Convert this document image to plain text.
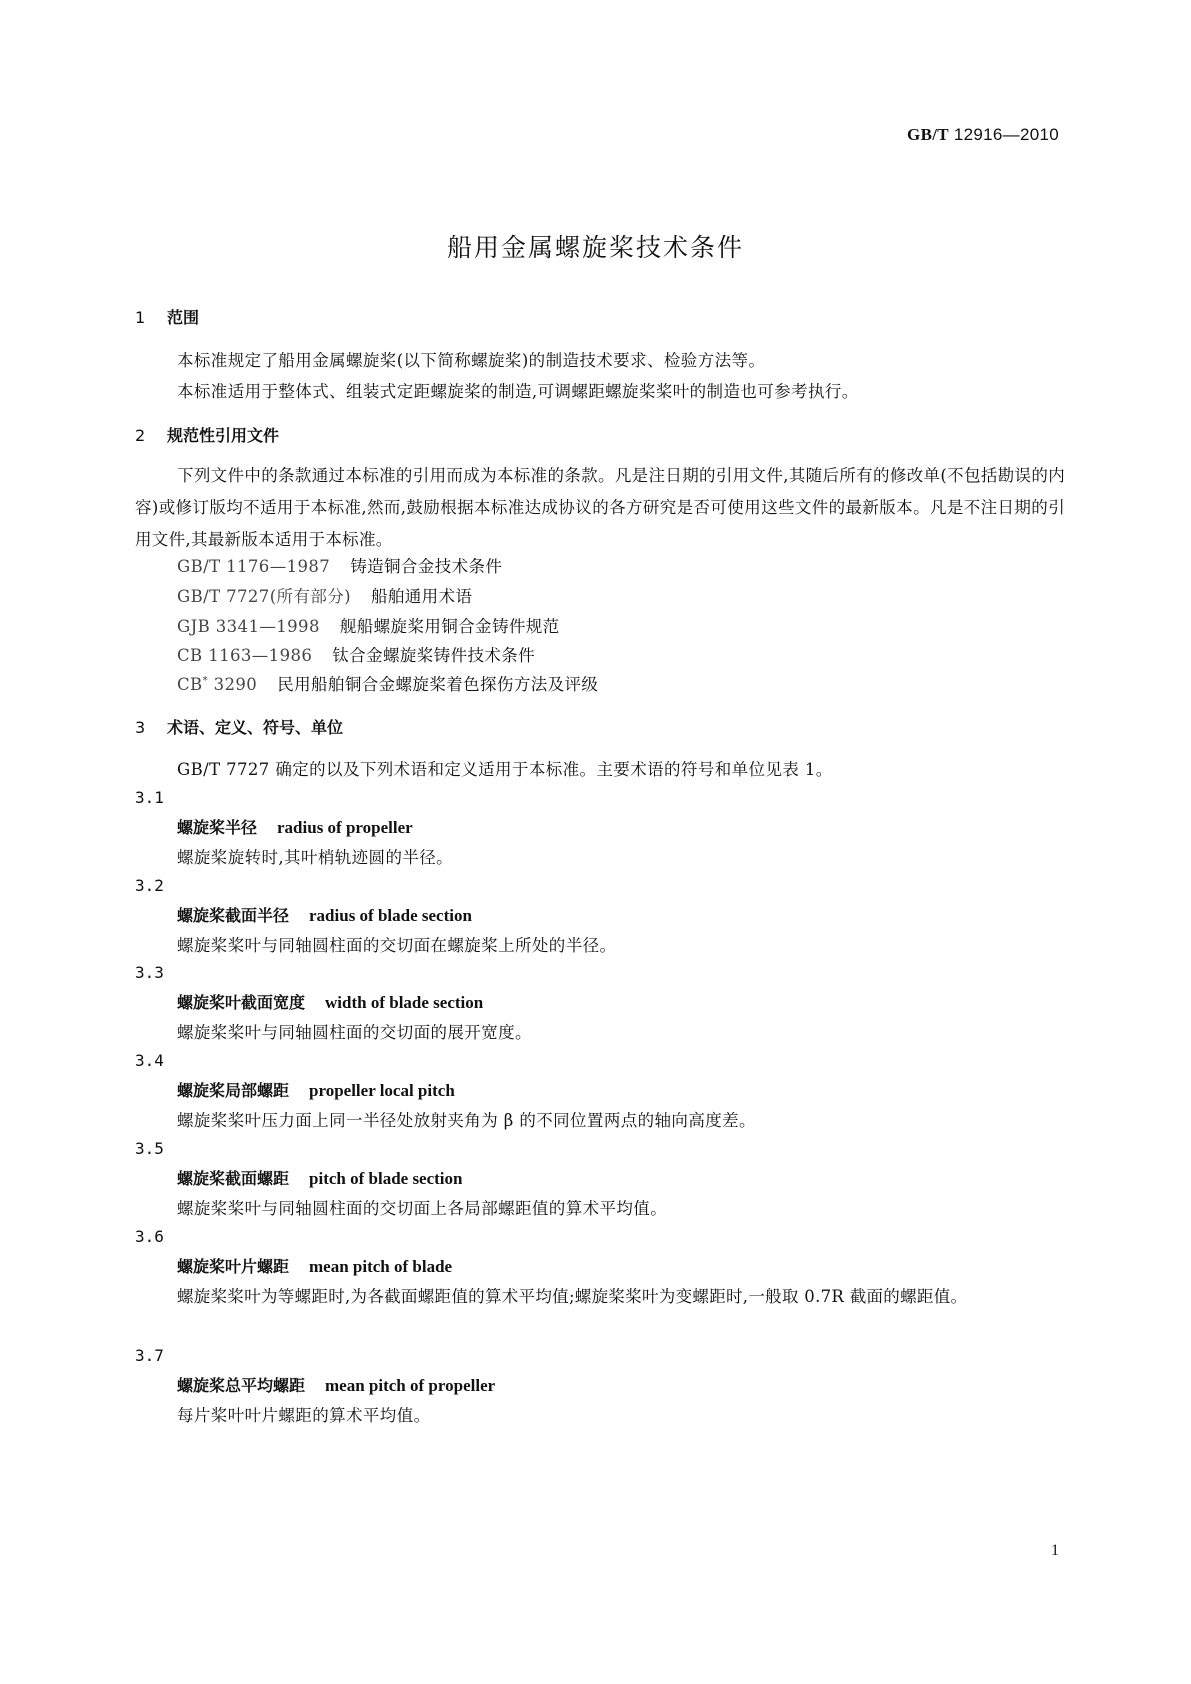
GB/T 12916—2010
船用金属螺旋桨技术条件
1 范围
本标准规定了船用金属螺旋桨(以下简称螺旋桨)的制造技术要求、检验方法等。
本标准适用于整体式、组装式定距螺旋桨的制造,可调螺距螺旋桨桨叶的制造也可参考执行。
2 规范性引用文件
下列文件中的条款通过本标准的引用而成为本标准的条款。凡是注日期的引用文件,其随后所有的修改单(不包括勘误的内容)或修订版均不适用于本标准,然而,鼓励根据本标准达成协议的各方研究是否可使用这些文件的最新版本。凡是不注日期的引用文件,其最新版本适用于本标准。
GB/T 1176—1987 铸造铜合金技术条件
GB/T 7727(所有部分) 船舶通用术语
GJB 3341—1998 舰船螺旋桨用铜合金铸件规范
CB 1163—1986 钛合金螺旋桨铸件技术条件
CB* 3290 民用船舶铜合金螺旋桨着色探伤方法及评级
3 术语、定义、符号、单位
GB/T 7727 确定的以及下列术语和定义适用于本标准。主要术语的符号和单位见表 1。
3.1
螺旋桨半径 radius of propeller
螺旋桨旋转时,其叶梢轨迹圆的半径。
3.2
螺旋桨截面半径 radius of blade section
螺旋桨桨叶与同轴圆柱面的交切面在螺旋桨上所处的半径。
3.3
螺旋桨叶截面宽度 width of blade section
螺旋桨桨叶与同轴圆柱面的交切面的展开宽度。
3.4
螺旋桨局部螺距 propeller local pitch
螺旋桨桨叶压力面上同一半径处放射夹角为 β 的不同位置两点的轴向高度差。
3.5
螺旋桨截面螺距 pitch of blade section
螺旋桨桨叶与同轴圆柱面的交切面上各局部螺距值的算术平均值。
3.6
螺旋桨叶片螺距 mean pitch of blade
螺旋桨桨叶为等螺距时,为各截面螺距值的算术平均值;螺旋桨桨叶为变螺距时,一般取 0.7R 截面的螺距值。
3.7
螺旋桨总平均螺距 mean pitch of propeller
每片桨叶叶片螺距的算术平均值。
1
